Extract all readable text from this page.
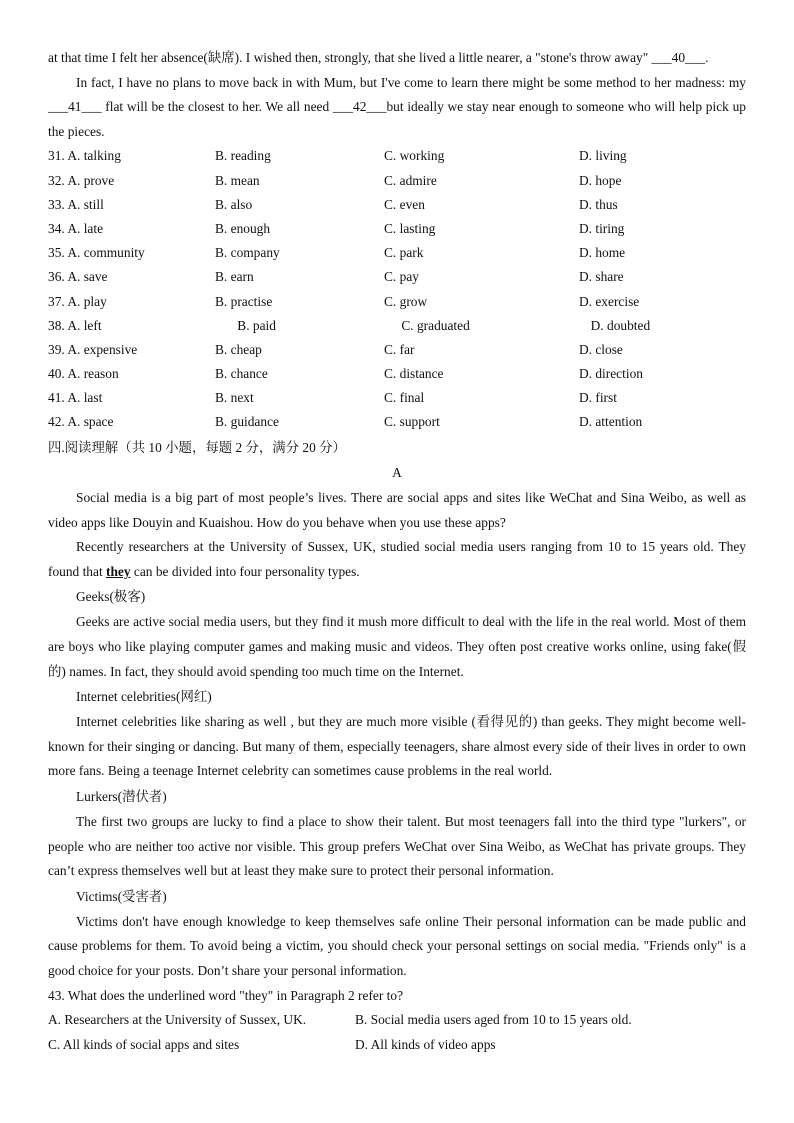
at that time I felt her absence(缺席). I wished then, strongly, that she lived a little nearer, a "stone's throw away" ___40___.

In fact, I have no plans to move back in with Mum, but I've come to learn there might be some method to her madness: my ___41___ flat will be the closest to her. We all need ___42___but ideally we stay near enough to someone who will help pick up the pieces.

31. A. talking	B. reading	C. working	D. living
32. A. prove	B. mean	C. admire	D. hope
33. A. still	B. also	C. even	D. thus
34. A. late	B. enough	C. lasting	D. tiring
35. A. community	B. company	C. park	D. home
36. A. save	B. earn	C. pay	D. share
37. A. play	B. practise	C. grow	D. exercise
38. A. left	B. paid	C. graduated	D. doubted
39. A. expensive	B. cheap	C. far	D. close
40. A. reason	B. chance	C. distance	D. direction
41. A. last	B. next	C. final	D. first
42. A. space	B. guidance	C. support	D. attention

四.阅读理解（共 10 小题，每题 2 分，满分 20 分）

A

Social media is a big part of most people’s lives. There are social apps and sites like WeChat and Sina Weibo, as well as video apps like Douyin and Kuaishou. How do you behave when you use these apps?

Recently researchers at the University of Sussex, UK, studied social media users ranging from 10 to 15 years old. They found that they can be divided into four personality types.

Geeks(极客)

Geeks are active social media users, but they find it mush more difficult to deal with the life in the real world. Most of them are boys who like playing computer games and making music and videos. They often post creative works online, using fake(假的) names. In fact, they should avoid spending too much time on the Internet.

Internet celebrities(网红)

Internet celebrities like sharing as well , but they are much more visible (看得见的) than geeks. They might become well-known for their singing or dancing. But many of them, especially teenagers, share almost every side of their lives in order to own more fans. Being a teenage Internet celebrity can sometimes cause problems in the real world.

Lurkers(潜伏者)

The first two groups are lucky to find a place to show their talent. But most teenagers fall into the third type "lurkers", or people who are neither too active nor visible. This group prefers WeChat over Sina Weibo, as WeChat has private groups. They can’t express themselves well but at least they make sure to protect their personal information.

Victims(受害者)

Victims don't have enough knowledge to keep themselves safe online Their personal information can be made public and cause problems for them. To avoid being a victim, you should check your personal settings on social media. "Friends only" is a good choice for your posts. Don’t share your personal information.

43. What does the underlined word "they" in Paragraph 2 refer to?

A. Researchers at the University of Sussex, UK.	B. Social media users aged from 10 to 15 years old.
C. All kinds of social apps and sites	D. All kinds of video apps
